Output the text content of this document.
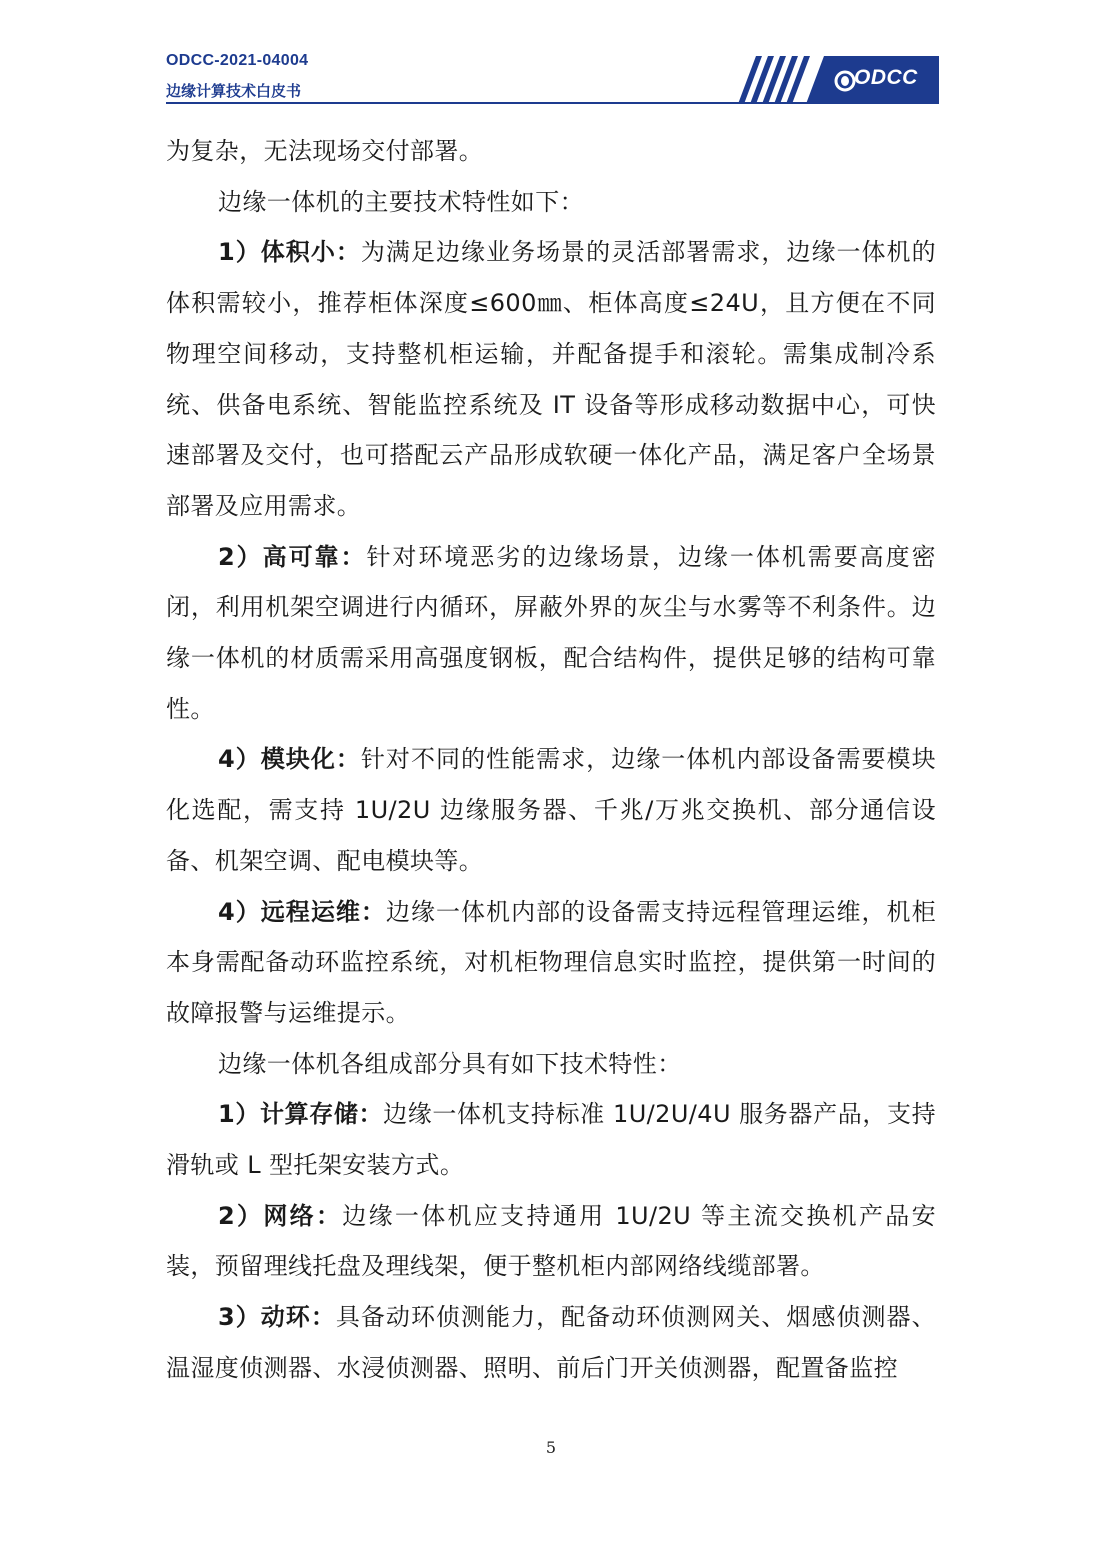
ODCC-2021-04004
边缘计算技术白皮书
ODCC

为复杂，无法现场交付部署。

边缘一体机的主要技术特性如下：

1）体积小：为满足边缘业务场景的灵活部署需求，边缘一体机的体积需较小，推荐柜体深度≤600㎜、柜体高度≤24U，且方便在不同物理空间移动，支持整机柜运输，并配备提手和滚轮。需集成制冷系统、供备电系统、智能监控系统及 IT 设备等形成移动数据中心，可快速部署及交付，也可搭配云产品形成软硬一体化产品，满足客户全场景部署及应用需求。

2）高可靠：针对环境恶劣的边缘场景，边缘一体机需要高度密闭，利用机架空调进行内循环，屏蔽外界的灰尘与水雾等不利条件。边缘一体机的材质需采用高强度钢板，配合结构件，提供足够的结构可靠性。

4）模块化：针对不同的性能需求，边缘一体机内部设备需要模块化选配，需支持 1U/2U 边缘服务器、千兆/万兆交换机、部分通信设备、机架空调、配电模块等。

4）远程运维：边缘一体机内部的设备需支持远程管理运维，机柜本身需配备动环监控系统，对机柜物理信息实时监控，提供第一时间的故障报警与运维提示。

边缘一体机各组成部分具有如下技术特性：

1）计算存储：边缘一体机支持标准 1U/2U/4U 服务器产品，支持滑轨或 L 型托架安装方式。

2）网络：边缘一体机应支持通用 1U/2U 等主流交换机产品安装，预留理线托盘及理线架，便于整机柜内部网络线缆部署。

3）动环：具备动环侦测能力，配备动环侦测网关、烟感侦测器、温湿度侦测器、水浸侦测器、照明、前后门开关侦测器，配置备监控

5
